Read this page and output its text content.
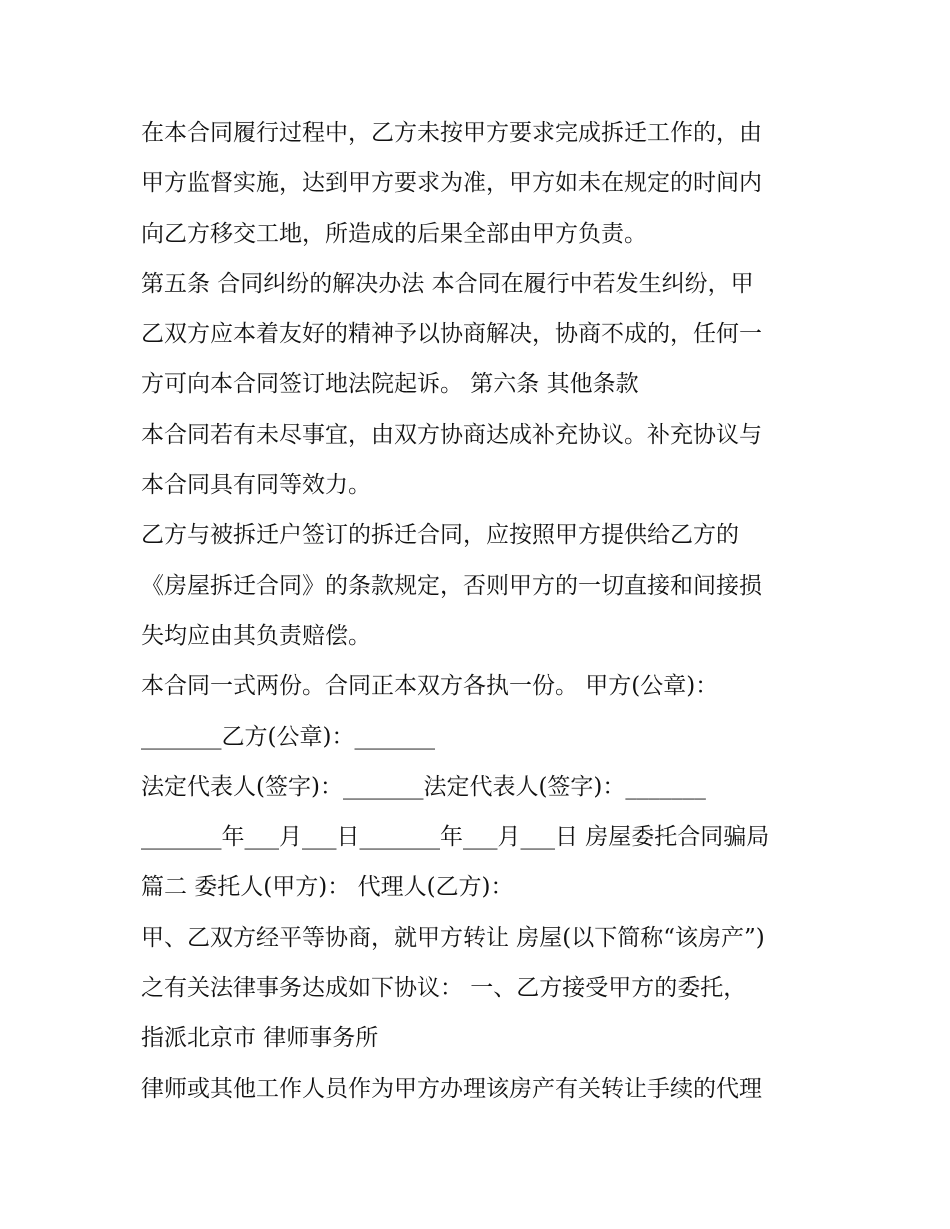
在本合同履行过程中，乙方未按甲方要求完成拆迁工作的，由
甲方监督实施，达到甲方要求为准，甲方如未在规定的时间内
向乙方移交工地，所造成的后果全部由甲方负责。
第五条 合同纠纷的解决办法 本合同在履行中若发生纠纷，甲
乙双方应本着友好的精神予以协商解决，协商不成的，任何一
方可向本合同签订地法院起诉。 第六条 其他条款
本合同若有未尽事宜，由双方协商达成补充协议。补充协议与
本合同具有同等效力。
乙方与被拆迁户签订的拆迁合同，应按照甲方提供给乙方的
《房屋拆迁合同》的条款规定，否则甲方的一切直接和间接损
失均应由其负责赔偿。
本合同一式两份。合同正本双方各执一份。 甲方(公章)：
_______乙方(公章)：_______
法定代表人(签字)：_______法定代表人(签字)：_______
_______年___月___日_______年___月___日 房屋委托合同骗局
篇二 委托人(甲方)： 代理人(乙方)：
甲、乙双方经平等协商，就甲方转让 房屋(以下简称“该房产”)
之有关法律事务达成如下协议： 一、乙方接受甲方的委托，
指派北京市 律师事务所
律师或其他工作人员作为甲方办理该房产有关转让手续的代理
